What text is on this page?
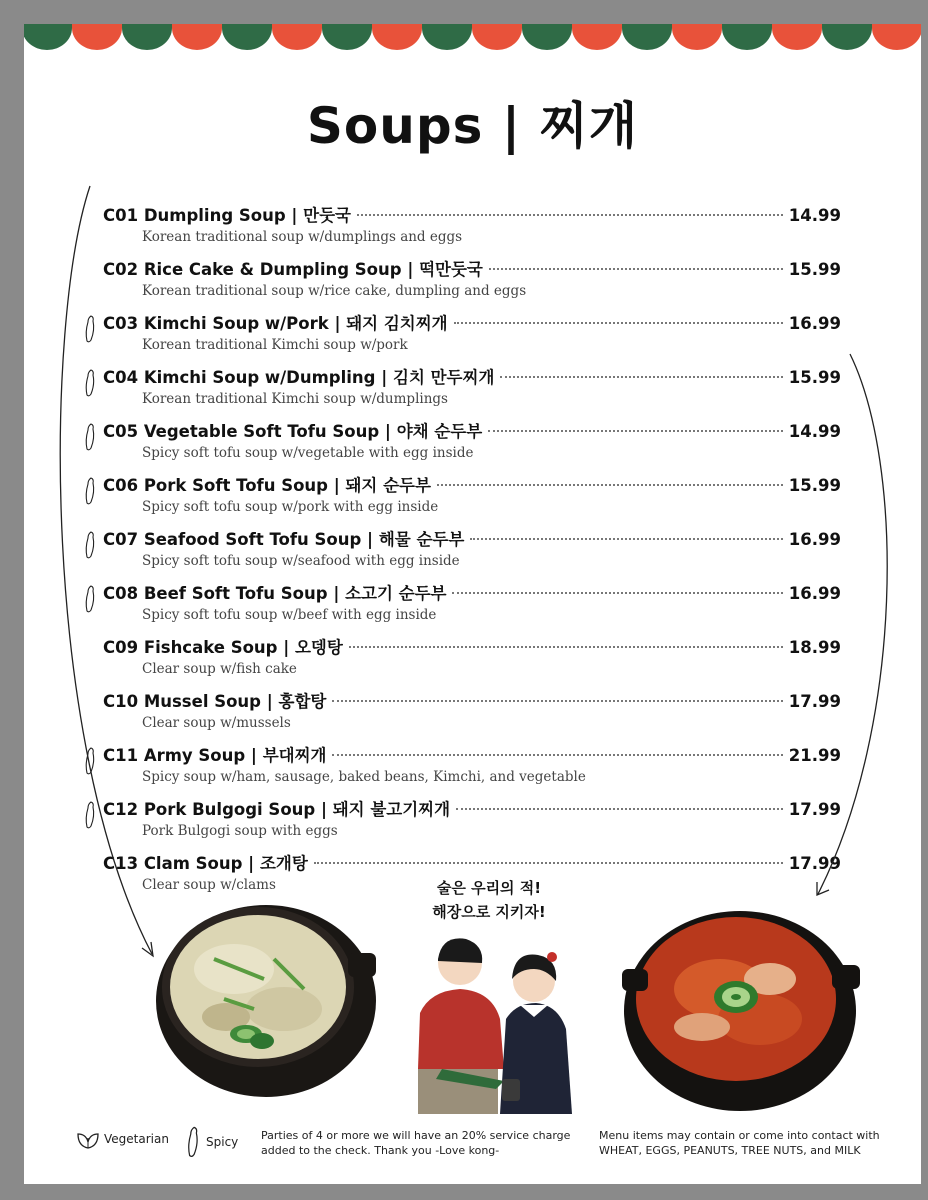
Soups | 찌개
C01 Dumpling Soup | 만둣국	14.99
Korean traditional soup w/dumplings and eggs
C02 Rice Cake & Dumpling Soup | 떡만둣국	15.99
Korean traditional soup w/rice cake, dumpling and eggs
C03 Kimchi Soup w/Pork | 돼지 김치찌개	16.99
Korean traditional Kimchi soup w/pork
C04 Kimchi Soup w/Dumpling | 김치 만두찌개	15.99
Korean traditional Kimchi soup w/dumplings
C05 Vegetable Soft Tofu Soup | 야채 순두부	14.99
Spicy soft tofu soup w/vegetable with egg inside
C06 Pork Soft Tofu Soup | 돼지 순두부	15.99
Spicy soft tofu soup w/pork with egg inside
C07 Seafood Soft Tofu Soup | 해물 순두부	16.99
Spicy soft tofu soup w/seafood with egg inside
C08 Beef Soft Tofu Soup | 소고기 순두부	16.99
Spicy soft tofu soup w/beef with egg inside
C09 Fishcake Soup | 오뎅탕	18.99
Clear soup w/fish cake
C10 Mussel Soup | 홍합탕	17.99
Clear soup w/mussels
C11 Army Soup | 부대찌개	21.99
Spicy soup w/ham, sausage, baked beans, Kimchi, and vegetable
C12 Pork Bulgogi Soup | 돼지 불고기찌개	17.99
Pork Bulgogi soup with eggs
C13 Clam Soup | 조개탕	17.99
Clear soup w/clams	술은 우리의 적!
해장으로 지키자!
Vegetarian	Spicy Parties of 4 or more we will have an 20% service charge
added to the check. Thank you -Love kong-
Menu items may contain or come into contact with
WHEAT, EGGS, PEANUTS, TREE NUTS, and MILK
